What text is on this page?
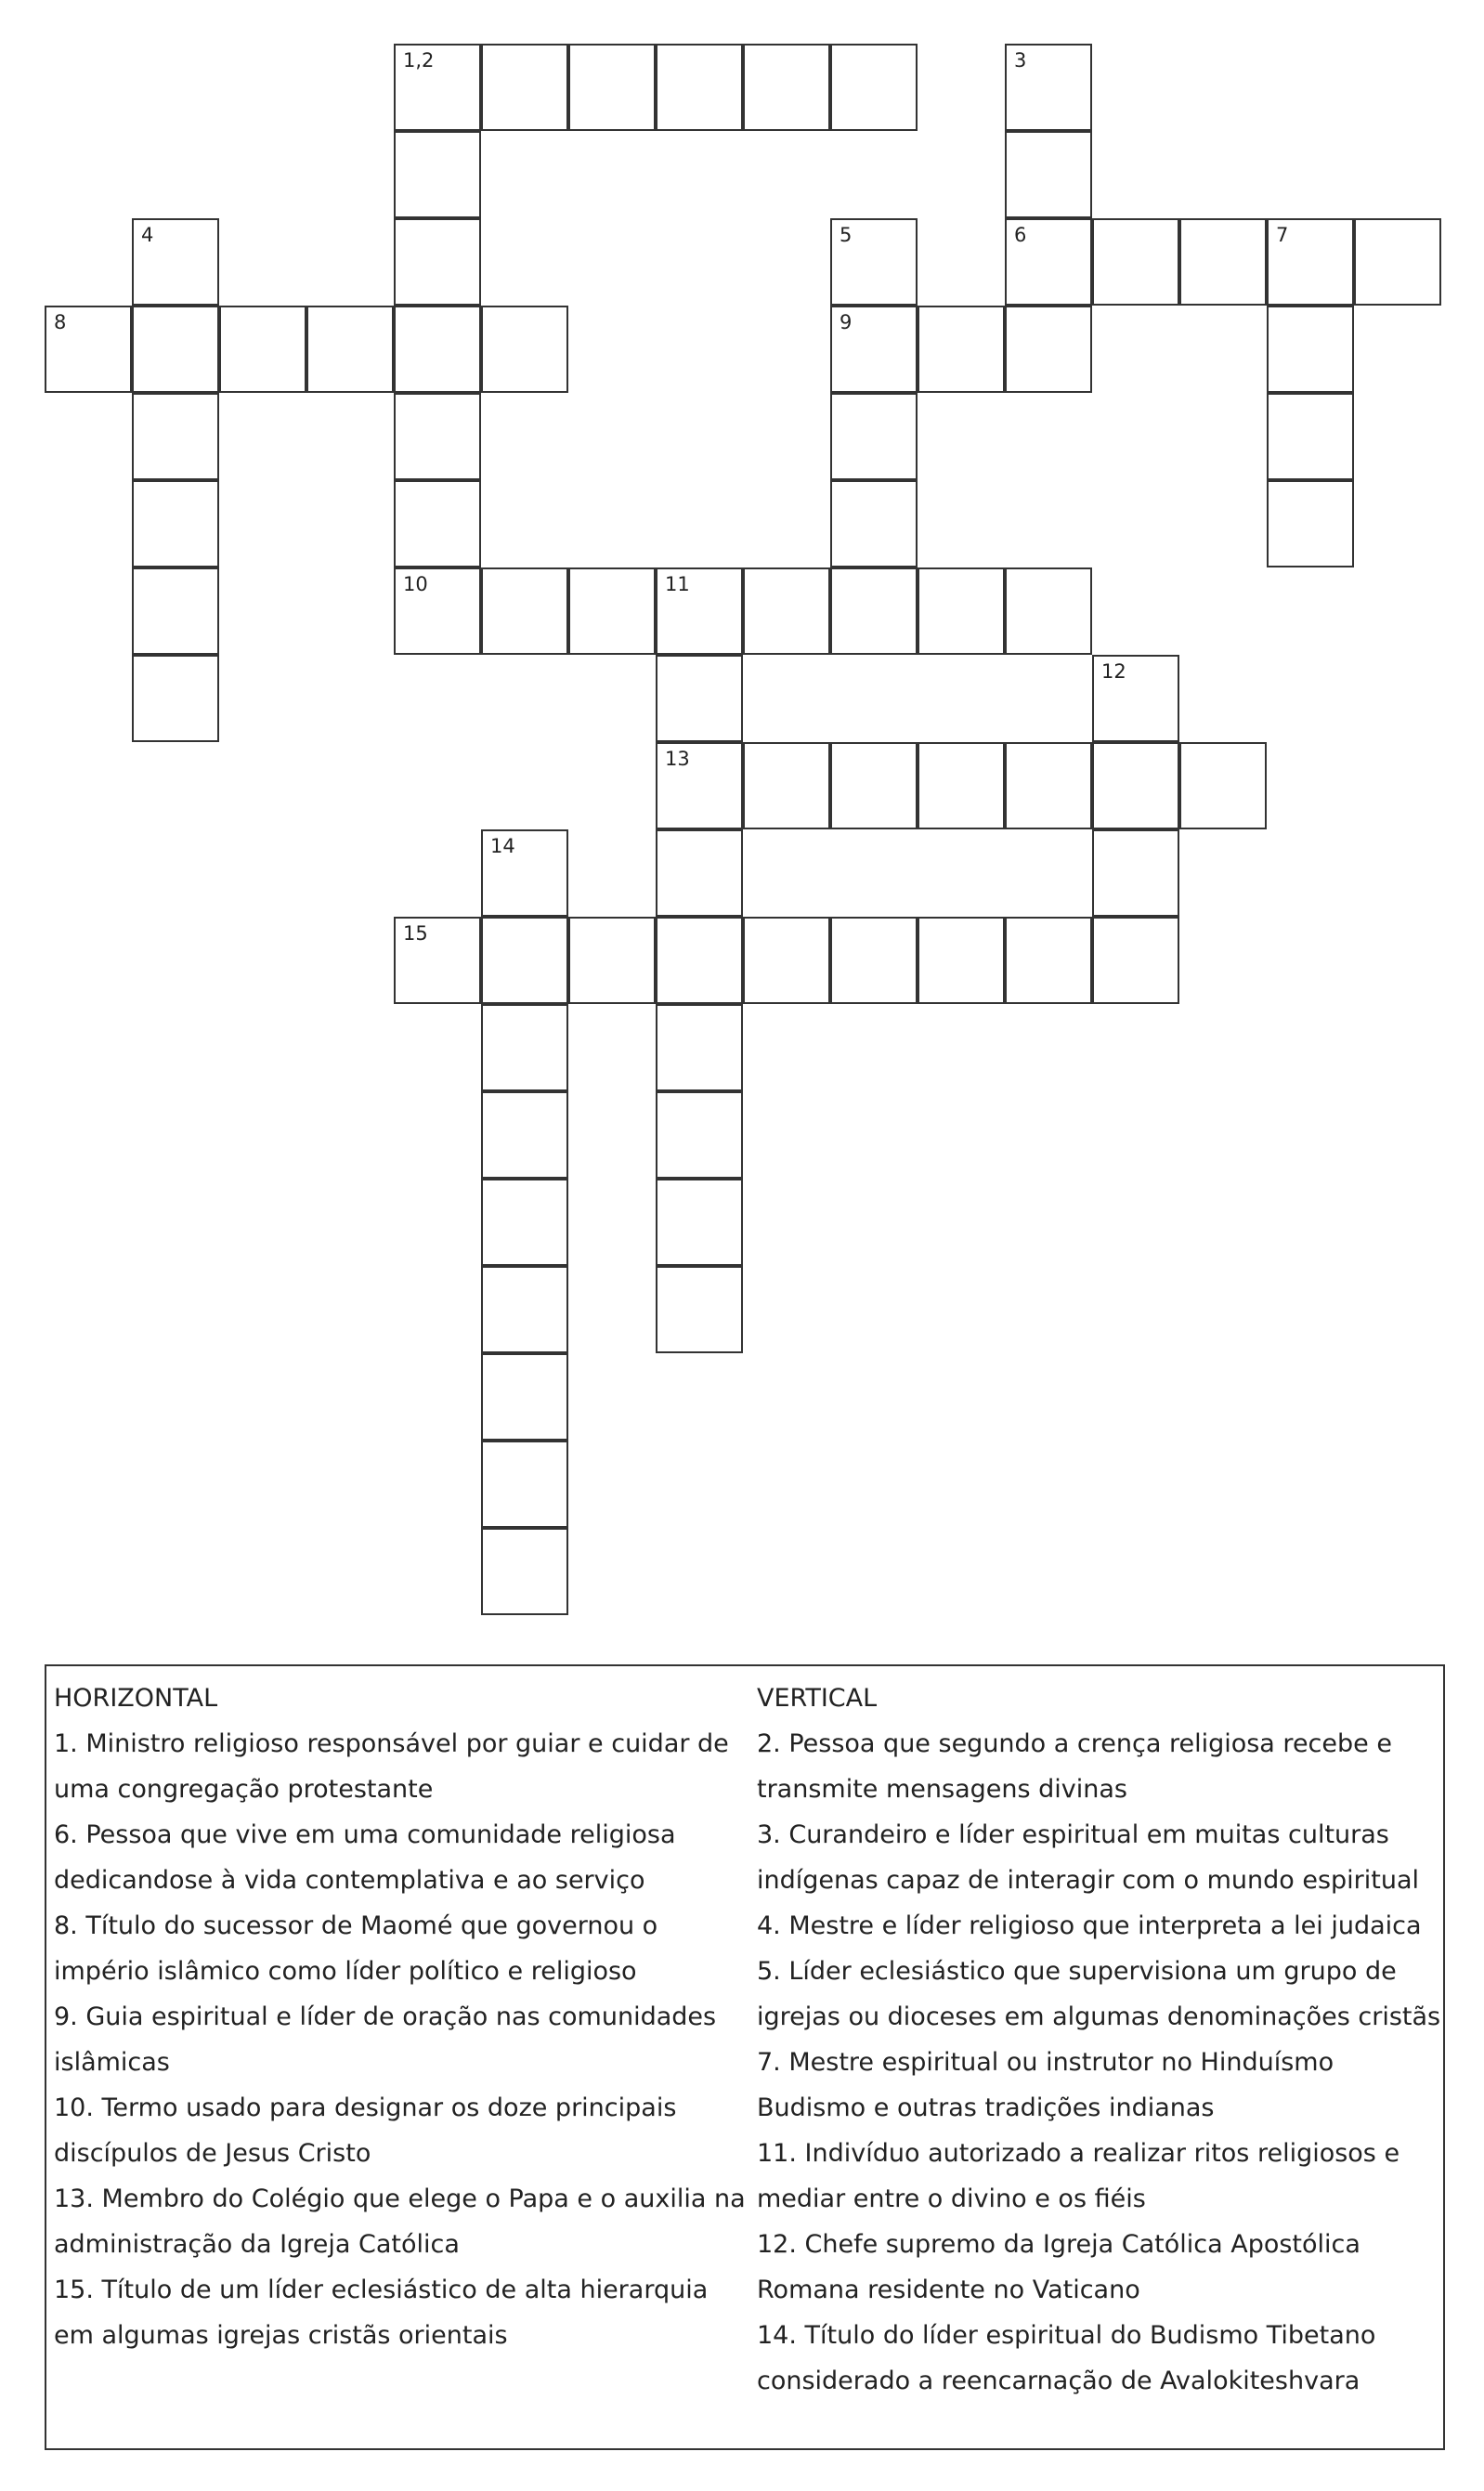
1,2	3
4	5	6	7
8	9
10	11
12
13
14
15
HORIZONTAL
1. Ministro religioso responsável por guiar e cuidar de
uma congregação protestante
6. Pessoa que vive em uma comunidade religiosa
dedicandose à vida contemplativa e ao serviço
8. Título do sucessor de Maomé que governou o
império islâmico como líder político e religioso
9. Guia espiritual e líder de oração nas comunidades
islâmicas
10. Termo usado para designar os doze principais
discípulos de Jesus Cristo
13. Membro do Colégio que elege o Papa e o auxilia na
administração da Igreja Católica
15. Título de um líder eclesiástico de alta hierarquia
em algumas igrejas cristãs orientais
VERTICAL
2. Pessoa que segundo a crença religiosa recebe e
transmite mensagens divinas
3. Curandeiro e líder espiritual em muitas culturas
indígenas capaz de interagir com o mundo espiritual
4. Mestre e líder religioso que interpreta a lei judaica
5. Líder eclesiástico que supervisiona um grupo de
igrejas ou dioceses em algumas denominações cristãs
7. Mestre espiritual ou instrutor no Hinduísmo
Budismo e outras tradições indianas
11. Indivíduo autorizado a realizar ritos religiosos e
mediar entre o divino e os fiéis
12. Chefe supremo da Igreja Católica Apostólica
Romana residente no Vaticano
14. Título do líder espiritual do Budismo Tibetano
considerado a reencarnação de Avalokiteshvara
